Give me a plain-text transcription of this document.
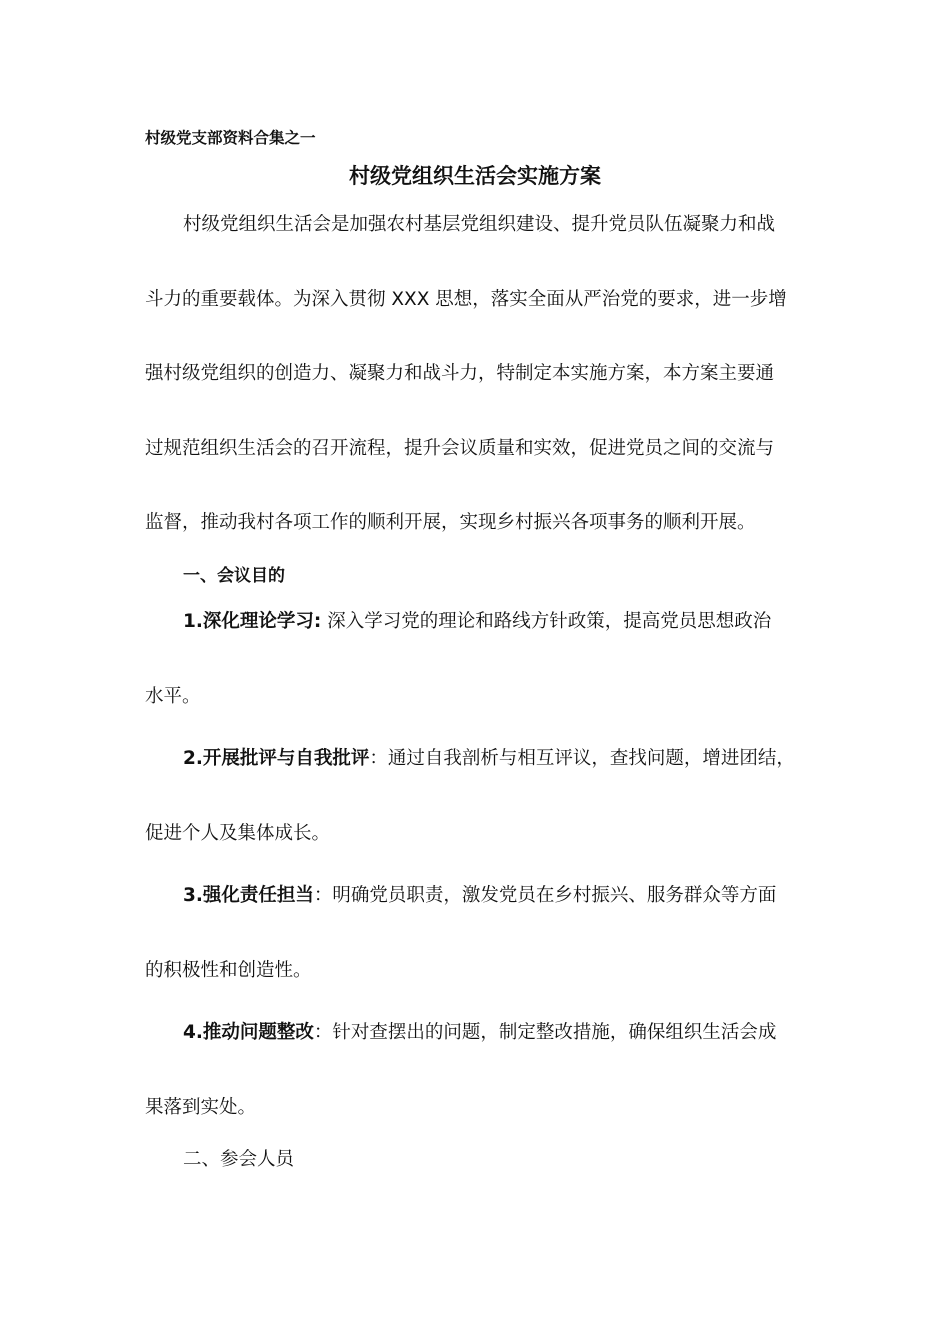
村级党支部资料合集之一
村级党组织生活会实施方案
村级党组织生活会是加强农村基层党组织建设、提升党员队伍凝聚力和战
斗力的重要载体。为深入贯彻 XXX 思想，落实全面从严治党的要求，进一步增
强村级党组织的创造力、凝聚力和战斗力，特制定本实施方案，本方案主要通
过规范组织生活会的召开流程，提升会议质量和实效，促进党员之间的交流与
监督，推动我村各项工作的顺利开展，实现乡村振兴各项事务的顺利开展。
一、会议目的
1.深化理论学习: 深入学习党的理论和路线方针政策，提高党员思想政治
水平。
2.开展批评与自我批评：通过自我剖析与相互评议，查找问题，增进团结，
促进个人及集体成长。
3.强化责任担当：明确党员职责，激发党员在乡村振兴、服务群众等方面
的积极性和创造性。
4.推动问题整改：针对查摆出的问题，制定整改措施，确保组织生活会成
果落到实处。
二、参会人员
